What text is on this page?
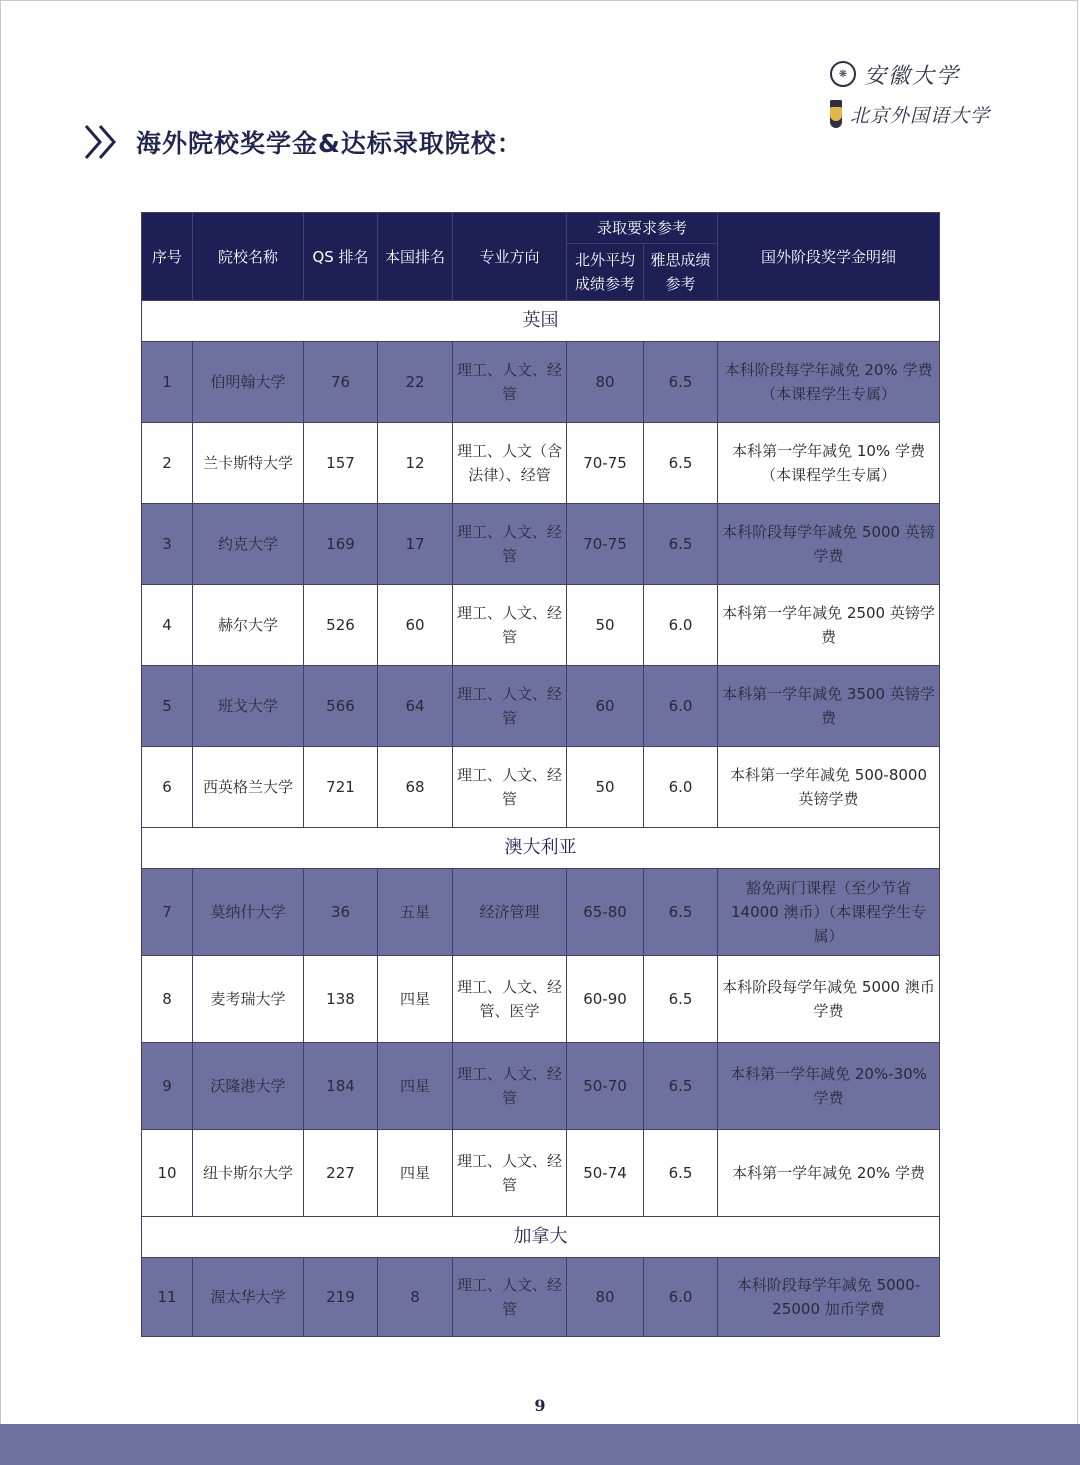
❋ 安徽大学
北京外国语大学
海外院校奖学金&达标录取院校：
序号	院校名称	QS 排名	本国排名	专业方向	录取要求参考		国外阶段奖学金明细
					北外平均成绩参考	雅思成绩参考	
英国							
1	伯明翰大学	76	22	理工、人文、经管	80	6.5	本科阶段每学年减免 20% 学费（本课程学生专属）
2	兰卡斯特大学	157	12	理工、人文（含法律）、经管	70-75	6.5	本科第一学年减免 10% 学费（本课程学生专属）
3	约克大学	169	17	理工、人文、经管	70-75	6.5	本科阶段每学年减免 5000 英镑学费
4	赫尔大学	526	60	理工、人文、经管	50	6.0	本科第一学年减免 2500 英镑学费
5	班戈大学	566	64	理工、人文、经管	60	6.0	本科第一学年减免 3500 英镑学费
6	西英格兰大学	721	68	理工、人文、经管	50	6.0	本科第一学年减免 500-8000 英镑学费
澳大利亚							
7	莫纳什大学	36	五星	经济管理	65-80	6.5	豁免两门课程（至少节省 14000 澳币）（本课程学生专属）
8	麦考瑞大学	138	四星	理工、人文、经管、医学	60-90	6.5	本科阶段每学年减免 5000 澳币学费
9	沃隆港大学	184	四星	理工、人文、经管	50-70	6.5	本科第一学年减免 20%-30% 学费
10	纽卡斯尔大学	227	四星	理工、人文、经管	50-74	6.5	本科第一学年减免 20% 学费
加拿大							
11	渥太华大学	219	8	理工、人文、经管	80	6.0	本科阶段每学年减免 5000-25000 加币学费
9
